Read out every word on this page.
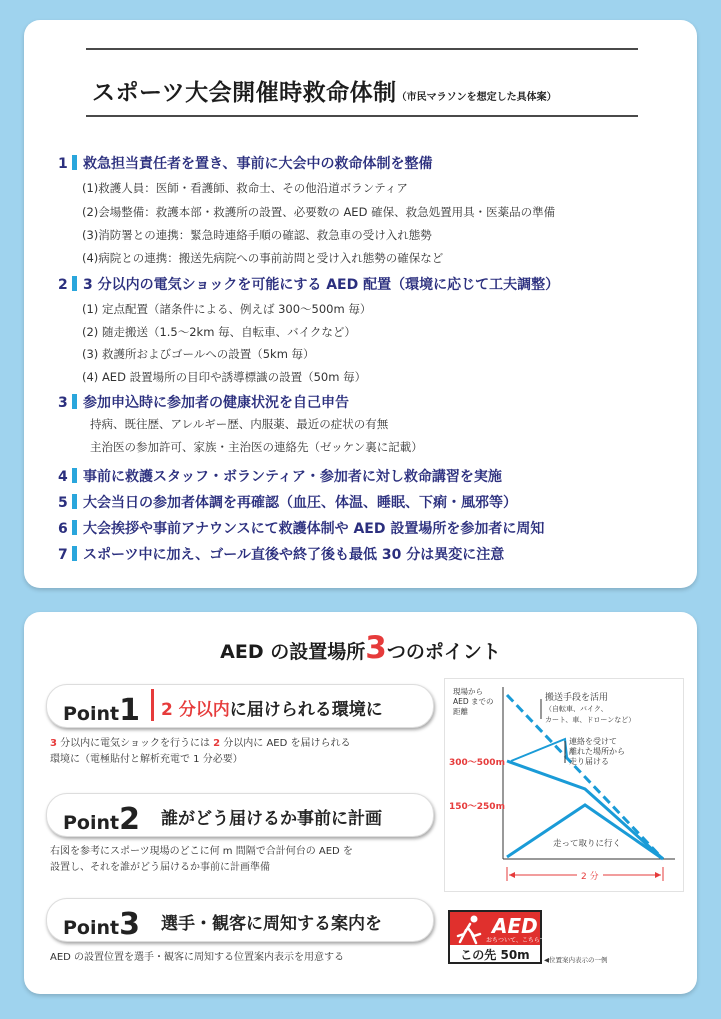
スポーツ大会開催時救命体制（市民マラソンを想定した具体案）
1 救急担当責任者を置き、事前に大会中の救命体制を整備
(1)救護人員：医師・看護師、救命士、その他沿道ボランティア
(2)会場整備：救護本部・救護所の設置、必要数の AED 確保、救急処置用具・医薬品の準備
(3)消防署との連携：緊急時連絡手順の確認、救急車の受け入れ態勢
(4)病院との連携：搬送先病院への事前訪問と受け入れ態勢の確保など
2 3 分以内の電気ショックを可能にする AED 配置（環境に応じて工夫調整）
(1) 定点配置（諸条件による、例えば 300～500m 毎）
(2) 随走搬送（1.5～2km 毎、自転車、バイクなど）
(3) 救護所およびゴールへの設置（5km 毎）
(4) AED 設置場所の目印や誘導標識の設置（50m 毎）
3 参加申込時に参加者の健康状況を自己申告
持病、既往歴、アレルギー歴、内服薬、最近の症状の有無
主治医の参加許可、家族・主治医の連絡先（ゼッケン裏に記載）
4 事前に救護スタッフ・ボランティア・参加者に対し救命講習を実施
5 大会当日の参加者体調を再確認（血圧、体温、睡眠、下痢・風邪等）
6 大会挨拶や事前アナウンスにて救護体制や AED 設置場所を参加者に周知
7 スポーツ中に加え、ゴール直後や終了後も最低 30 分は異変に注意
AED の設置場所3つのポイント
Point1 2 分以内に届けられる環境に
3 分以内に電気ショックを行うには 2 分以内に AED を届けられる
環境に（電極貼付と解析充電で 1 分必要）
Point2 誰がどう届けるか事前に計画
右図を参考にスポーツ現場のどこに何 m 間隔で合計何台の AED を
設置し、それを誰がどう届けるか事前に計画準備
Point3 選手・観客に周知する案内を
AED の設置位置を選手・観客に周知する位置案内表示を用意する
現場から
AED までの
距離
搬送手段を活用
（自転車、バイク、
カート、車、ドローンなど）
連絡を受けて
離れた場所から
走り届ける
300～500m
150～250m
走って取りに行く
2 分
AED
おちついて、こちらです
この先 50m	◀位置案内表示の一例
